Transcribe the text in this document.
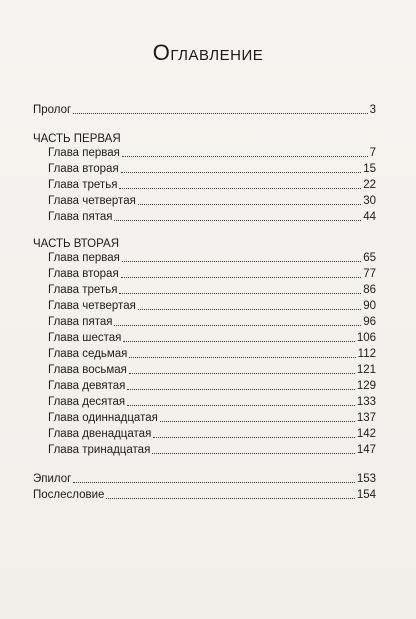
Оглавление
Пролог	3
ЧАСТЬ ПЕРВАЯ
Глава первая	7
Глава вторая	15
Глава третья	22
Глава четвертая	30
Глава пятая	44
ЧАСТЬ ВТОРАЯ
Глава первая	65
Глава вторая	77
Глава третья	86
Глава четвертая	90
Глава пятая	96
Глава шестая	106
Глава седьмая	112
Глава восьмая	121
Глава девятая	129
Глава десятая	133
Глава одиннадцатая	137
Глава двенадцатая	142
Глава тринадцатая	147
Эпилог	153
Послесловие	154
